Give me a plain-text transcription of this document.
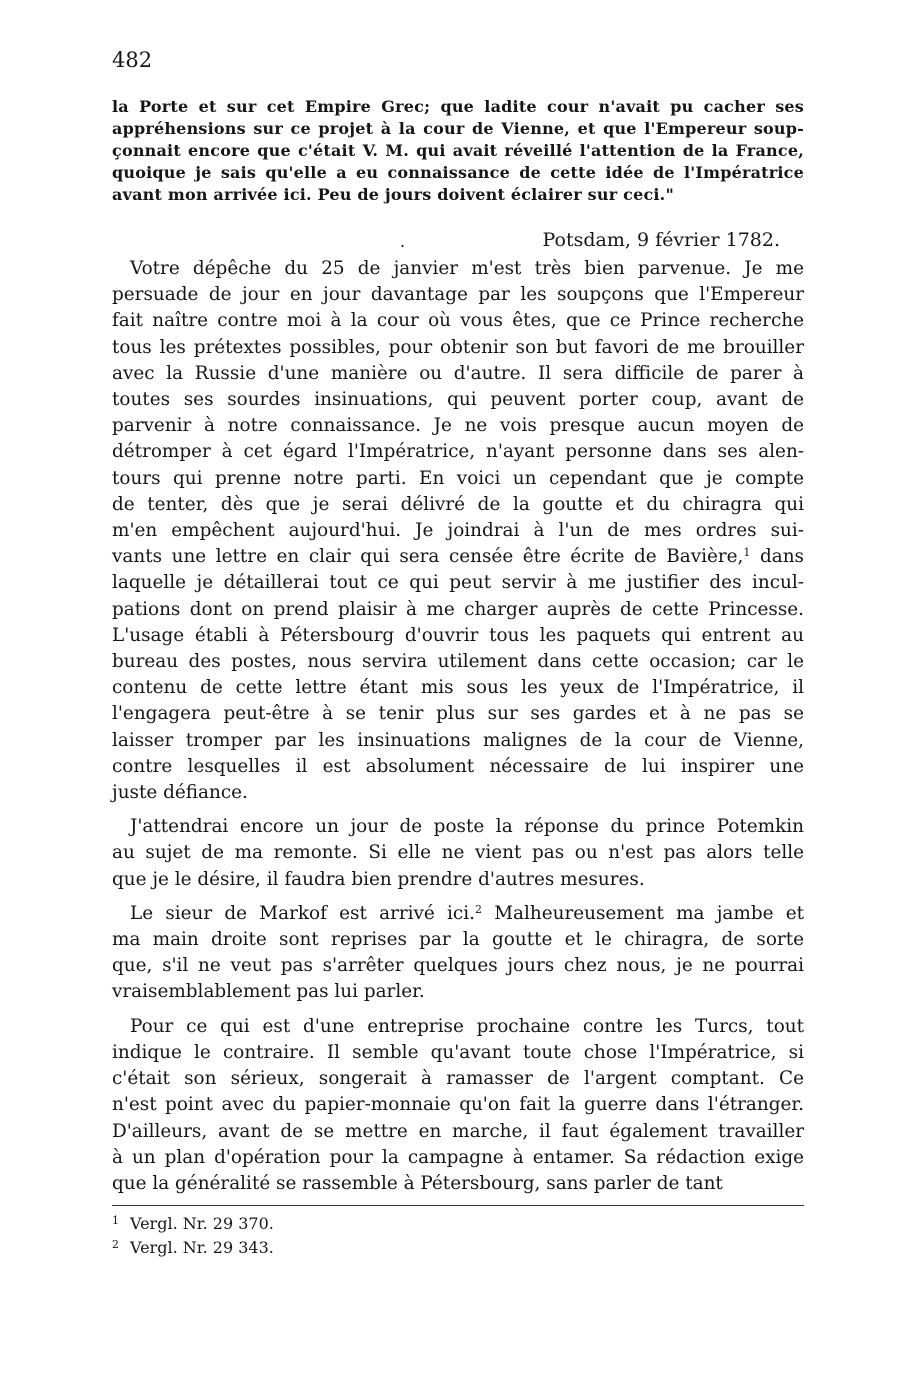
482
la Porte et sur cet Empire Grec; que ladite cour n'avait pu cacher ses
appréhensions sur ce projet à la cour de Vienne, et que l'Empereur soup-
çonnait encore que c'était V. M. qui avait réveillé l'attention de la France,
quoique je sais qu'elle a eu connaissance de cette idée de l'Impératrice
avant mon arrivée ici. Peu de jours doivent éclairer sur ceci."
.	Potsdam, 9 février 1782.
Votre dépêche du 25 de janvier m'est très bien parvenue. Je me
persuade de jour en jour davantage par les soupçons que l'Empereur
fait naître contre moi à la cour où vous êtes, que ce Prince recherche
tous les prétextes possibles, pour obtenir son but favori de me brouiller
avec la Russie d'une manière ou d'autre. Il sera difficile de parer à
toutes ses sourdes insinuations, qui peuvent porter coup, avant de
parvenir à notre connaissance. Je ne vois presque aucun moyen de
détromper à cet égard l'Impératrice, n'ayant personne dans ses alen-
tours qui prenne notre parti. En voici un cependant que je compte
de tenter, dès que je serai délivré de la goutte et du chiragra qui
m'en empêchent aujourd'hui. Je joindrai à l'un de mes ordres sui-
vants une lettre en clair qui sera censée être écrite de Bavière,$^1$ dans
laquelle je détaillerai tout ce qui peut servir à me justifier des incul-
pations dont on prend plaisir à me charger auprès de cette Princesse.
L'usage établi à Pétersbourg d'ouvrir tous les paquets qui entrent au
bureau des postes, nous servira utilement dans cette occasion; car le
contenu de cette lettre étant mis sous les yeux de l'Impératrice, il
l'engagera peut-être à se tenir plus sur ses gardes et à ne pas se
laisser tromper par les insinuations malignes de la cour de Vienne,
contre lesquelles il est absolument nécessaire de lui inspirer une
juste défiance.
J'attendrai encore un jour de poste la réponse du prince Potemkin
au sujet de ma remonte. Si elle ne vient pas ou n'est pas alors telle
que je le désire, il faudra bien prendre d'autres mesures.
Le sieur de Markof est arrivé ici.$^2$ Malheureusement ma jambe et
ma main droite sont reprises par la goutte et le chiragra, de sorte
que, s'il ne veut pas s'arrêter quelques jours chez nous, je ne pourrai
vraisemblablement pas lui parler.
Pour ce qui est d'une entreprise prochaine contre les Turcs, tout
indique le contraire. Il semble qu'avant toute chose l'Impératrice, si
c'était son sérieux, songerait à ramasser de l'argent comptant. Ce
n'est point avec du papier-monnaie qu'on fait la guerre dans l'étranger.
D'ailleurs, avant de se mettre en marche, il faut également travailler
à un plan d'opération pour la campagne à entamer. Sa rédaction exige
que la généralité se rassemble à Pétersbourg, sans parler de tant
1 Vergl. Nr. 29 370.
2 Vergl. Nr. 29 343.
